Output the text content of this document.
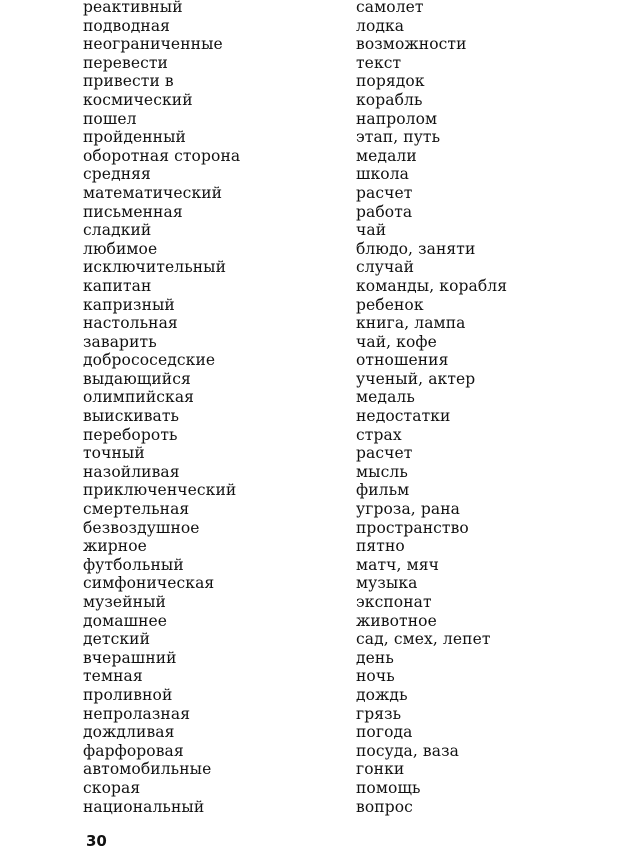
реактивный
подводная
неограниченные
перевести
привести в
космический
пошел
пройденный
оборотная сторона
средняя
математический
письменная
сладкий
любимое
исключительный
капитан
капризный
настольная
заварить
добрососедские
выдающийся
олимпийская
выискивать
перебороть
точный
назойливая
приключенческий
смертельная
безвоздушное
жирное
футбольный
симфоническая
музейный
домашнее
детский
вчерашний
темная
проливной
непролазная
дождливая
фарфоровая
автомобильные
скорая
национальный
самолет
лодка
возможности
текст
порядок
корабль
напролом
этап, путь
медали
школа
расчет
работа
чай
блюдо, заняти
случай
команды, корабля
ребенок
книга, лампа
чай, кофе
отношения
ученый, актер
медаль
недостатки
страх
расчет
мысль
фильм
угроза, рана
пространство
пятно
матч, мяч
музыка
экспонат
животное
сад, смех, лепет
день
ночь
дождь
грязь
погода
посуда, ваза
гонки
помощь
вопрос
30
